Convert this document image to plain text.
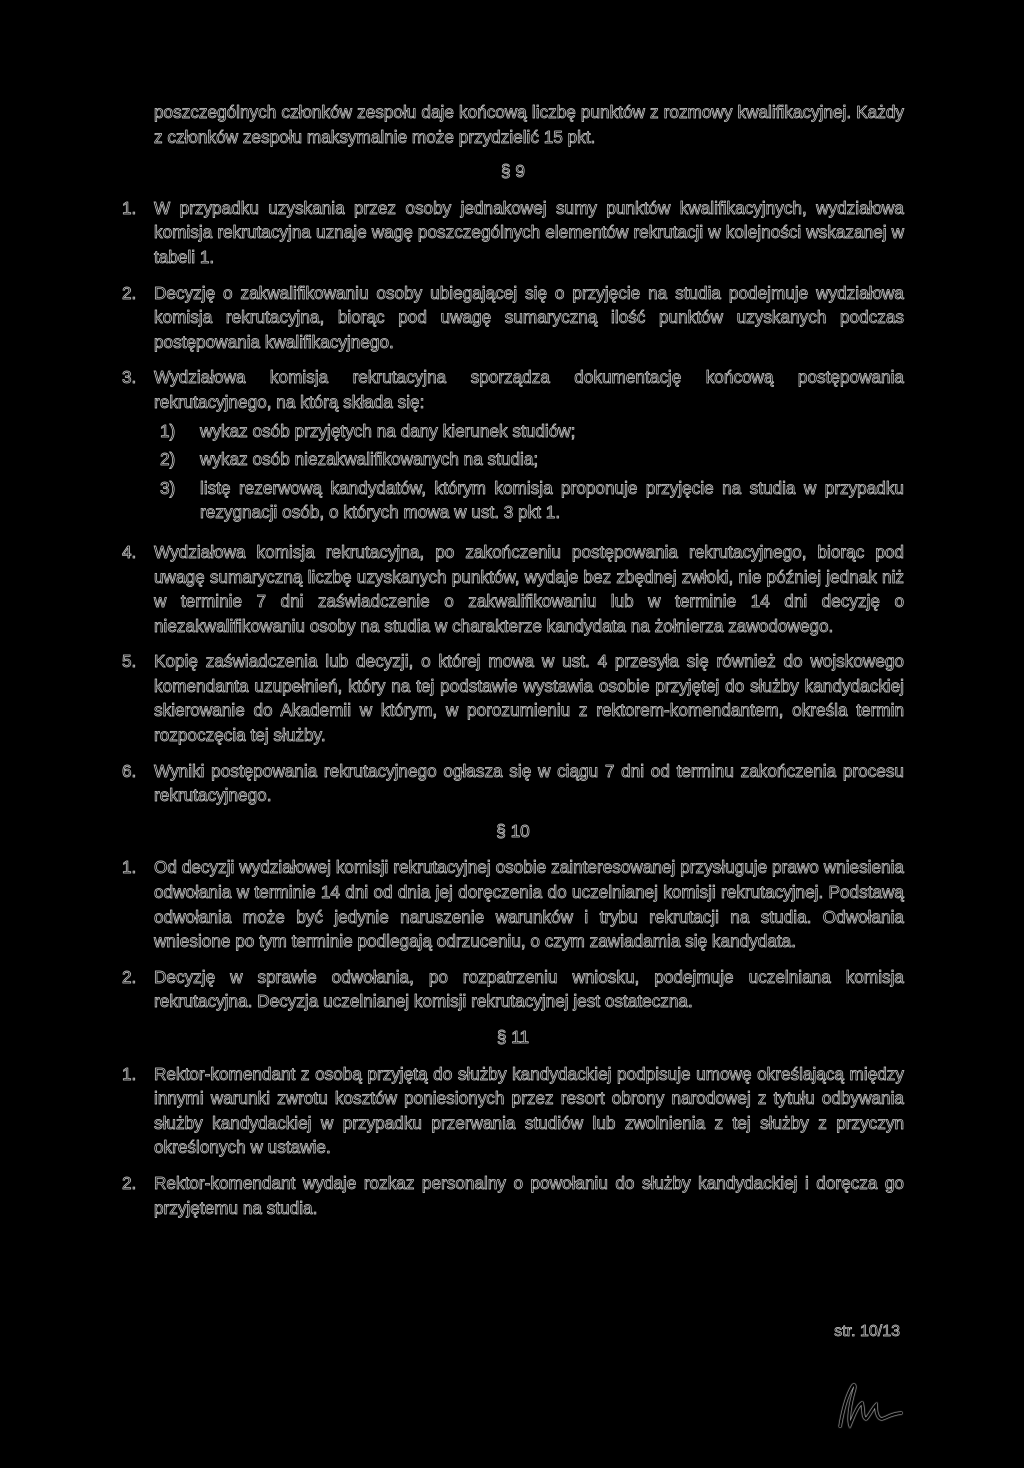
poszczególnych członków zespołu daje końcową liczbę punktów z rozmowy kwalifikacyjnej. Każdy z członków zespołu maksymalnie może przydzielić 15 pkt.
§ 9
1.	W przypadku uzyskania przez osoby jednakowej sumy punktów kwalifikacyjnych, wydziałowa komisja rekrutacyjna uznaje wagę poszczególnych elementów rekrutacji w kolejności wskazanej w tabeli 1.
2.	Decyzję o zakwalifikowaniu osoby ubiegającej się o przyjęcie na studia podejmuje wydziałowa komisja rekrutacyjna, biorąc pod uwagę sumaryczną ilość punktów uzyskanych podczas postępowania kwalifikacyjnego.
3.	Wydziałowa komisja rekrutacyjna sporządza dokumentację końcową postępowania rekrutacyjnego, na którą składa się:
1)	wykaz osób przyjętych na dany kierunek studiów;
2)	wykaz osób niezakwalifikowanych na studia;
3)	listę rezerwową kandydatów, którym komisja proponuje przyjęcie na studia w przypadku rezygnacji osób, o których mowa w ust. 3 pkt 1.
4.	Wydziałowa komisja rekrutacyjna, po zakończeniu postępowania rekrutacyjnego, biorąc pod uwagę sumaryczną liczbę uzyskanych punktów, wydaje bez zbędnej zwłoki, nie później jednak niż w terminie 7 dni zaświadczenie o zakwalifikowaniu lub w terminie 14 dni decyzję o niezakwalifikowaniu osoby na studia w charakterze kandydata na żołnierza zawodowego.
5.	Kopię zaświadczenia lub decyzji, o której mowa w ust. 4 przesyła się również do wojskowego komendanta uzupełnień, który na tej podstawie wystawia osobie przyjętej do służby kandydackiej skierowanie do Akademii w którym, w porozumieniu z rektorem-komendantem, określa termin rozpoczęcia tej służby.
6.	Wyniki postępowania rekrutacyjnego ogłasza się w ciągu 7 dni od terminu zakończenia procesu rekrutacyjnego.
§ 10
1.	Od decyzji wydziałowej komisji rekrutacyjnej osobie zainteresowanej przysługuje prawo wniesienia odwołania w terminie 14 dni od dnia jej doręczenia do uczelnianej komisji rekrutacyjnej. Podstawą odwołania może być jedynie naruszenie warunków i trybu rekrutacji na studia. Odwołania wniesione po tym terminie podlegają odrzuceniu, o czym zawiadamia się kandydata.
2.	Decyzję w sprawie odwołania, po rozpatrzeniu wniosku, podejmuje uczelniana komisja rekrutacyjna. Decyzja uczelnianej komisji rekrutacyjnej jest ostateczna.
§ 11
1.	Rektor-komendant z osobą przyjętą do służby kandydackiej podpisuje umowę określającą między innymi warunki zwrotu kosztów poniesionych przez resort obrony narodowej z tytułu odbywania służby kandydackiej w przypadku przerwania studiów lub zwolnienia z tej służby z przyczyn określonych w ustawie.
2.	Rektor-komendant wydaje rozkaz personalny o powołaniu do służby kandydackiej i doręcza go przyjętemu na studia.
str. 10/13
